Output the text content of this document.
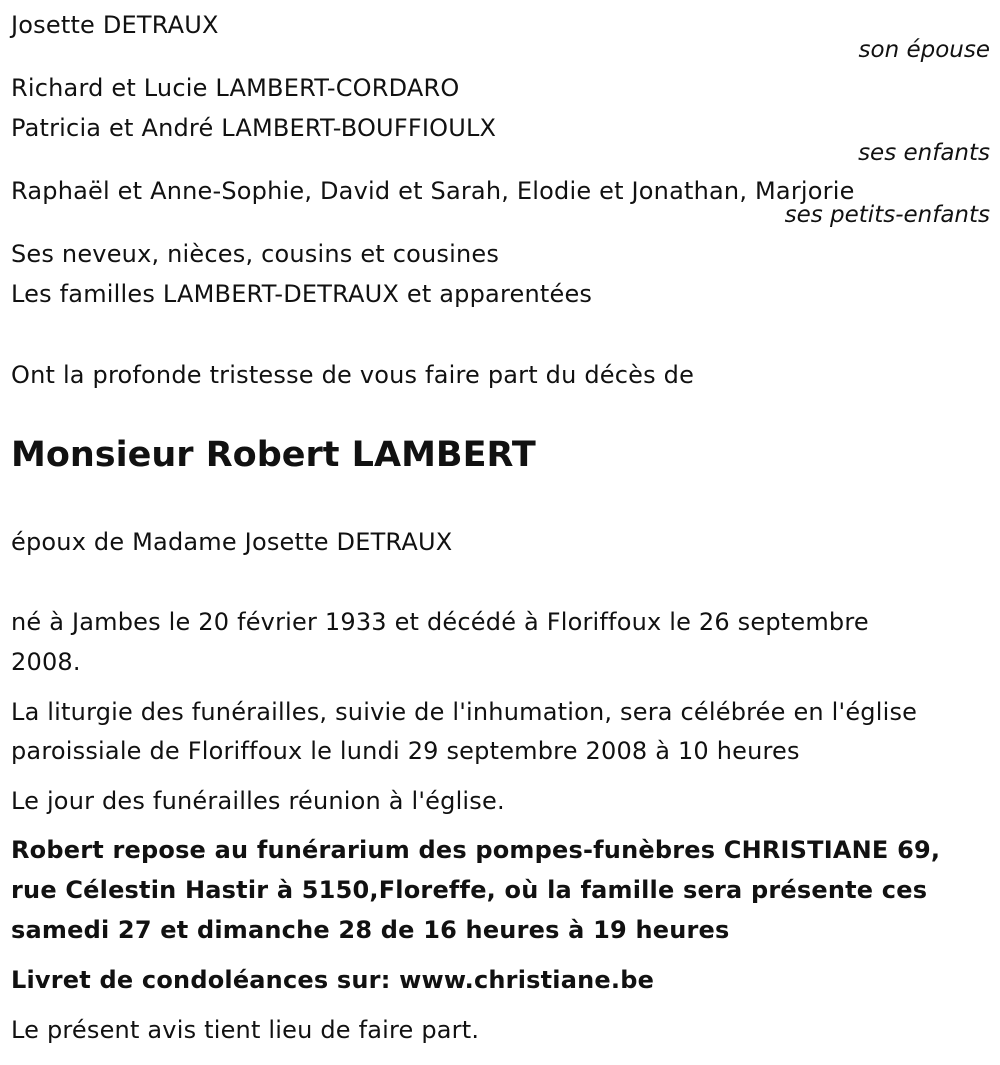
Josette DETRAUX
son épouse
Richard et Lucie LAMBERT-CORDARO
Patricia et André LAMBERT-BOUFFIOULX
ses enfants
Raphaël et Anne-Sophie, David et Sarah, Elodie et Jonathan, Marjorie
ses petits-enfants
Ses neveux, nièces, cousins et cousines
Les familles LAMBERT-DETRAUX et apparentées
Ont la profonde tristesse de vous faire part du décès de
Monsieur Robert LAMBERT
époux de Madame Josette DETRAUX
né à Jambes le 20 février 1933 et décédé à Floriffoux le 26 septembre
2008.
La liturgie des funérailles, suivie de l'inhumation, sera célébrée en l'église
paroissiale de Floriffoux le lundi 29 septembre 2008 à 10 heures
Le jour des funérailles réunion à l'église.
Robert repose au funérarium des pompes-funèbres CHRISTIANE 69,
rue Célestin Hastir à 5150,Floreffe, où la famille sera présente ces
samedi 27 et dimanche 28 de 16 heures à 19 heures
Livret de condoléances sur: www.christiane.be
Le présent avis tient lieu de faire part.
